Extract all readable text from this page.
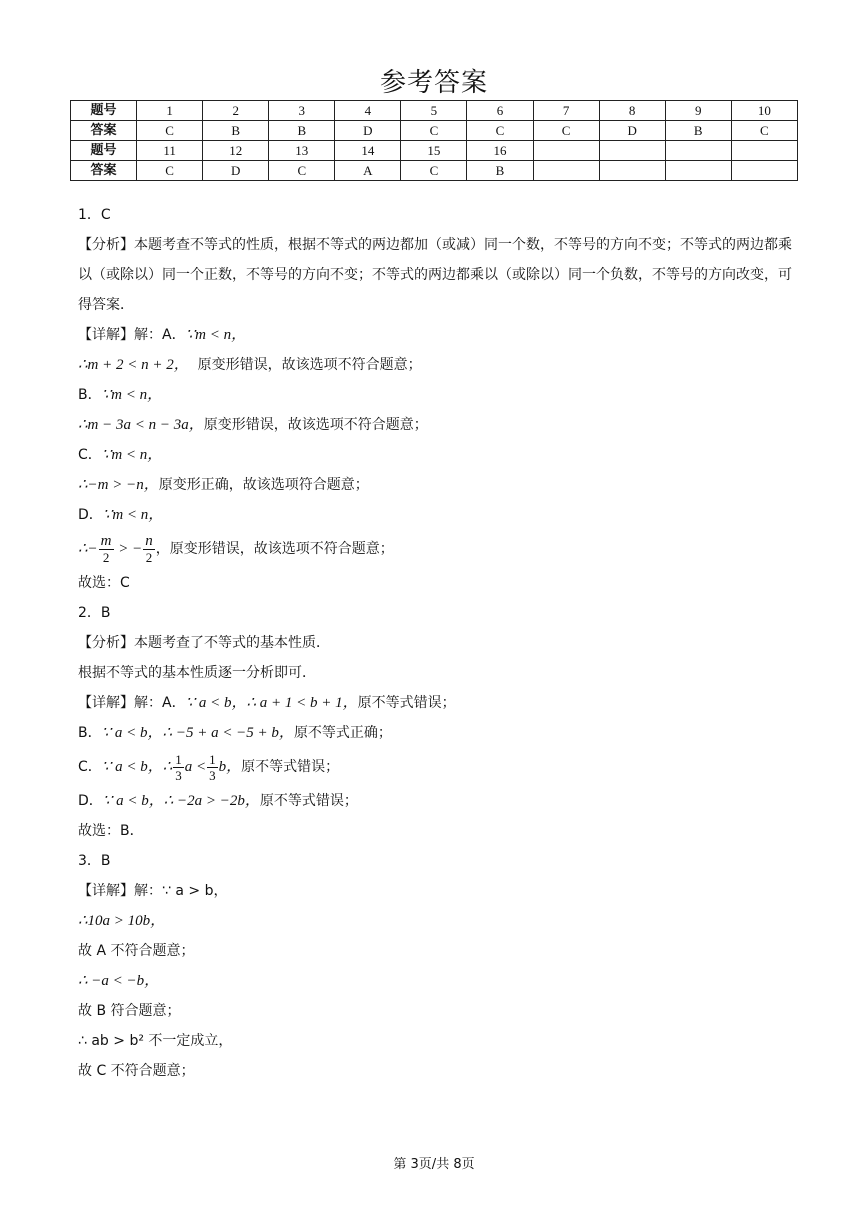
参考答案
题号	1	2	3	4	5	6	7	8	9	10
答案	C	B	B	D	C	C	C	D	B	C
题号	11	12	13	14	15	16				
答案	C	D	C	A	C	B				
1．C
【分析】本题考查不等式的性质，根据不等式的两边都加（或减）同一个数，不等号的方向不变；不等式的两边都乘以（或除以）同一个正数，不等号的方向不变；不等式的两边都乘以（或除以）同一个负数，不等号的方向改变，可得答案．
【详解】解：A．∵m < n，
∴m + 2 < n + 2， 原变形错误，故该选项不符合题意；
B．∵m < n，
∴m − 3a < n − 3a，原变形错误，故该选项不符合题意；
C．∵m < n，
∴−m > −n，原变形正确，故该选项符合题意；
D．∵m < n，
∴− $\frac{m}{2}$ > − $\frac{n}{2}$ ，原变形错误，故该选项不符合题意；
故选：C
2．B
【分析】本题考查了不等式的基本性质．
根据不等式的基本性质逐一分析即可．
【详解】解：A．∵ a < b，∴ a + 1 < b + 1，原不等式错误；
B．∵ a < b，∴ −5 + a < −5 + b，原不等式正确；
C．∵ a < b，∴ $\frac{1}{3}$ $a < \frac{1}{3}$ b，原不等式错误；
D．∵ a < b，∴ −2a > −2b，原不等式错误；
故选：B．
3．B
【详解】解：∵ a > b，
∴10a > 10b，
故 A 不符合题意；
∴ −a < −b，
故 B 符合题意；
∴ ab > b² 不一定成立，
故 C 不符合题意；
第 3页/共 8页
